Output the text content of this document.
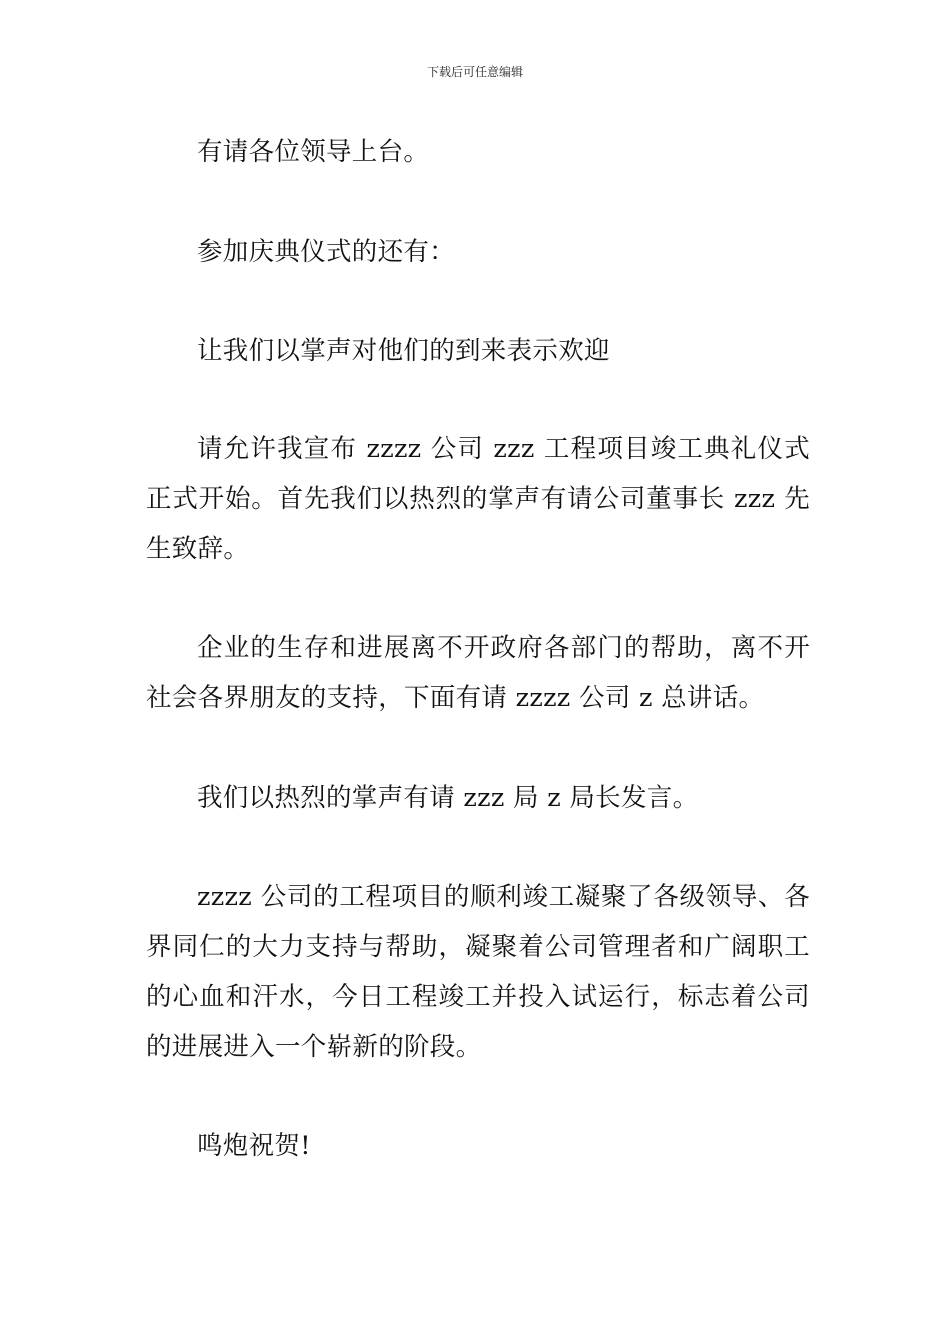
下载后可任意编辑

有请各位领导上台。

参加庆典仪式的还有：

让我们以掌声对他们的到来表示欢迎

请允许我宣布 zzzz 公司 zzz 工程项目竣工典礼仪式正式开始。首先我们以热烈的掌声有请公司董事长 zzz 先生致辞。

企业的生存和进展离不开政府各部门的帮助，离不开社会各界朋友的支持，下面有请 zzzz 公司 z 总讲话。

我们以热烈的掌声有请 zzz 局 z 局长发言。

zzzz 公司的工程项目的顺利竣工凝聚了各级领导、各界同仁的大力支持与帮助，凝聚着公司管理者和广阔职工的心血和汗水，今日工程竣工并投入试运行，标志着公司的进展进入一个崭新的阶段。

鸣炮祝贺!
